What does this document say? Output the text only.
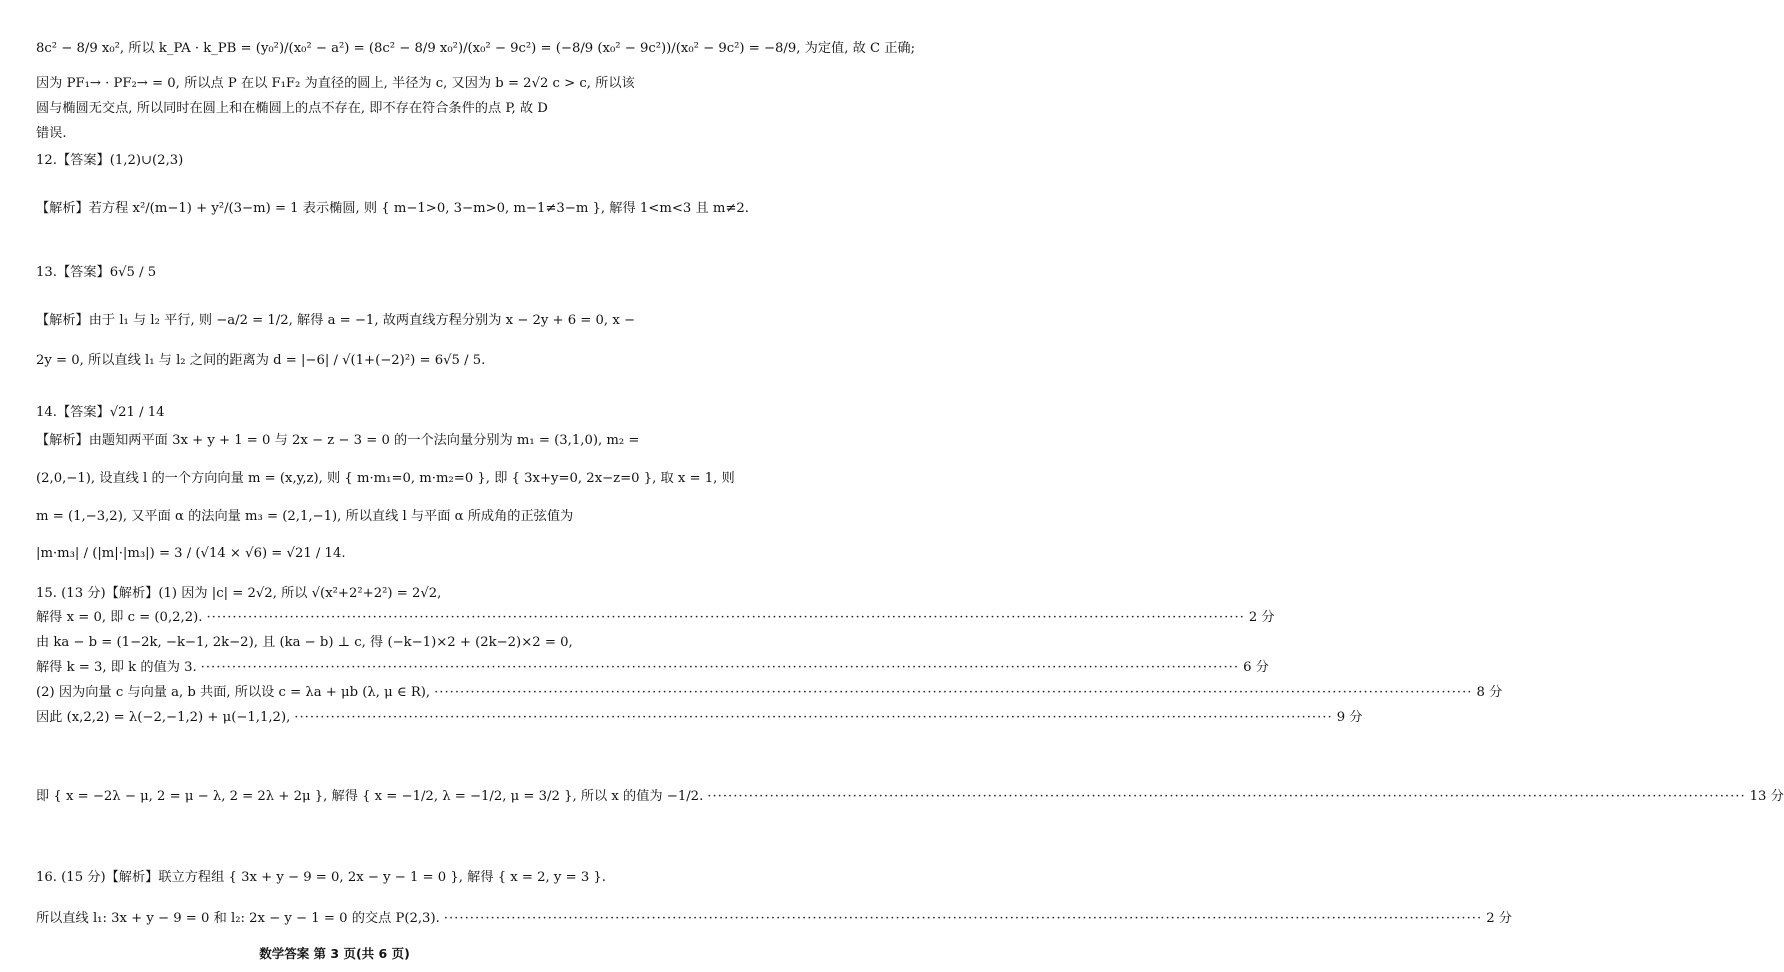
8c² − 8/9 x₀², 所以 k_PA · k_PB = (y₀²)/(x₀² − a²) = (8c² − 8/9 x₀²)/(x₀² − 9c²) = (−8/9 (x₀² − 9c²))/(x₀² − 9c²) = −8/9, 为定值, 故 C 正确;
因为 PF₁→ · PF₂→ = 0, 所以点 P 在以 F₁F₂ 为直径的圆上, 半径为 c, 又因为 b = 2√2 c > c, 所以该
圆与椭圆无交点, 所以同时在圆上和在椭圆上的点不存在, 即不存在符合条件的点 P, 故 D
错误.
12.【答案】(1,2)∪(2,3)
【解析】若方程 x²/(m−1) + y²/(3−m) = 1 表示椭圆, 则 { m−1>0, 3−m>0, m−1≠3−m }, 解得 1<m<3 且 m≠2.
13.【答案】6√5 / 5
【解析】由于 l₁ 与 l₂ 平行, 则 −a/2 = 1/2, 解得 a = −1, 故两直线方程分别为 x − 2y + 6 = 0, x −
2y = 0, 所以直线 l₁ 与 l₂ 之间的距离为 d = |−6| / √(1+(−2)²) = 6√5 / 5.
14.【答案】√21 / 14
【解析】由题知两平面 3x + y + 1 = 0 与 2x − z − 3 = 0 的一个法向量分别为 m₁ = (3,1,0), m₂ =
(2,0,−1), 设直线 l 的一个方向向量 m = (x,y,z), 则 { m·m₁=0, m·m₂=0 }, 即 { 3x+y=0, 2x−z=0 }, 取 x = 1, 则
m = (1,−3,2), 又平面 α 的法向量 m₃ = (2,1,−1), 所以直线 l 与平面 α 所成角的正弦值为
|m·m₃| / (|m|·|m₃|) = 3 / (√14 × √6) = √21 / 14.
15. (13 分)【解析】(1) 因为 |c| = 2√2, 所以 √(x²+2²+2²) = 2√2,
解得 x = 0, 即 c = (0,2,2). ········································································································································································································ 2 分
由 ka − b = (1−2k, −k−1, 2k−2), 且 (ka − b) ⊥ c, 得 (−k−1)×2 + (2k−2)×2 = 0,
解得 k = 3, 即 k 的值为 3. ········································································································································································································ 6 分
(2) 因为向量 c 与向量 a, b 共面, 所以设 c = λa + μb (λ, μ ∈ R), ········································································································································································································ 8 分
因此 (x,2,2) = λ(−2,−1,2) + μ(−1,1,2), ········································································································································································································ 9 分
即 { x = −2λ − μ, 2 = μ − λ, 2 = 2λ + 2μ }, 解得 { x = −1/2, λ = −1/2, μ = 3/2 }, 所以 x 的值为 −1/2. ········································································································································································································ 13 分
16. (15 分)【解析】联立方程组 { 3x + y − 9 = 0, 2x − y − 1 = 0 }, 解得 { x = 2, y = 3 }.
所以直线 l₁: 3x + y − 9 = 0 和 l₂: 2x − y − 1 = 0 的交点 P(2,3). ········································································································································································································ 2 分
数学答案 第 3 页(共 6 页)
